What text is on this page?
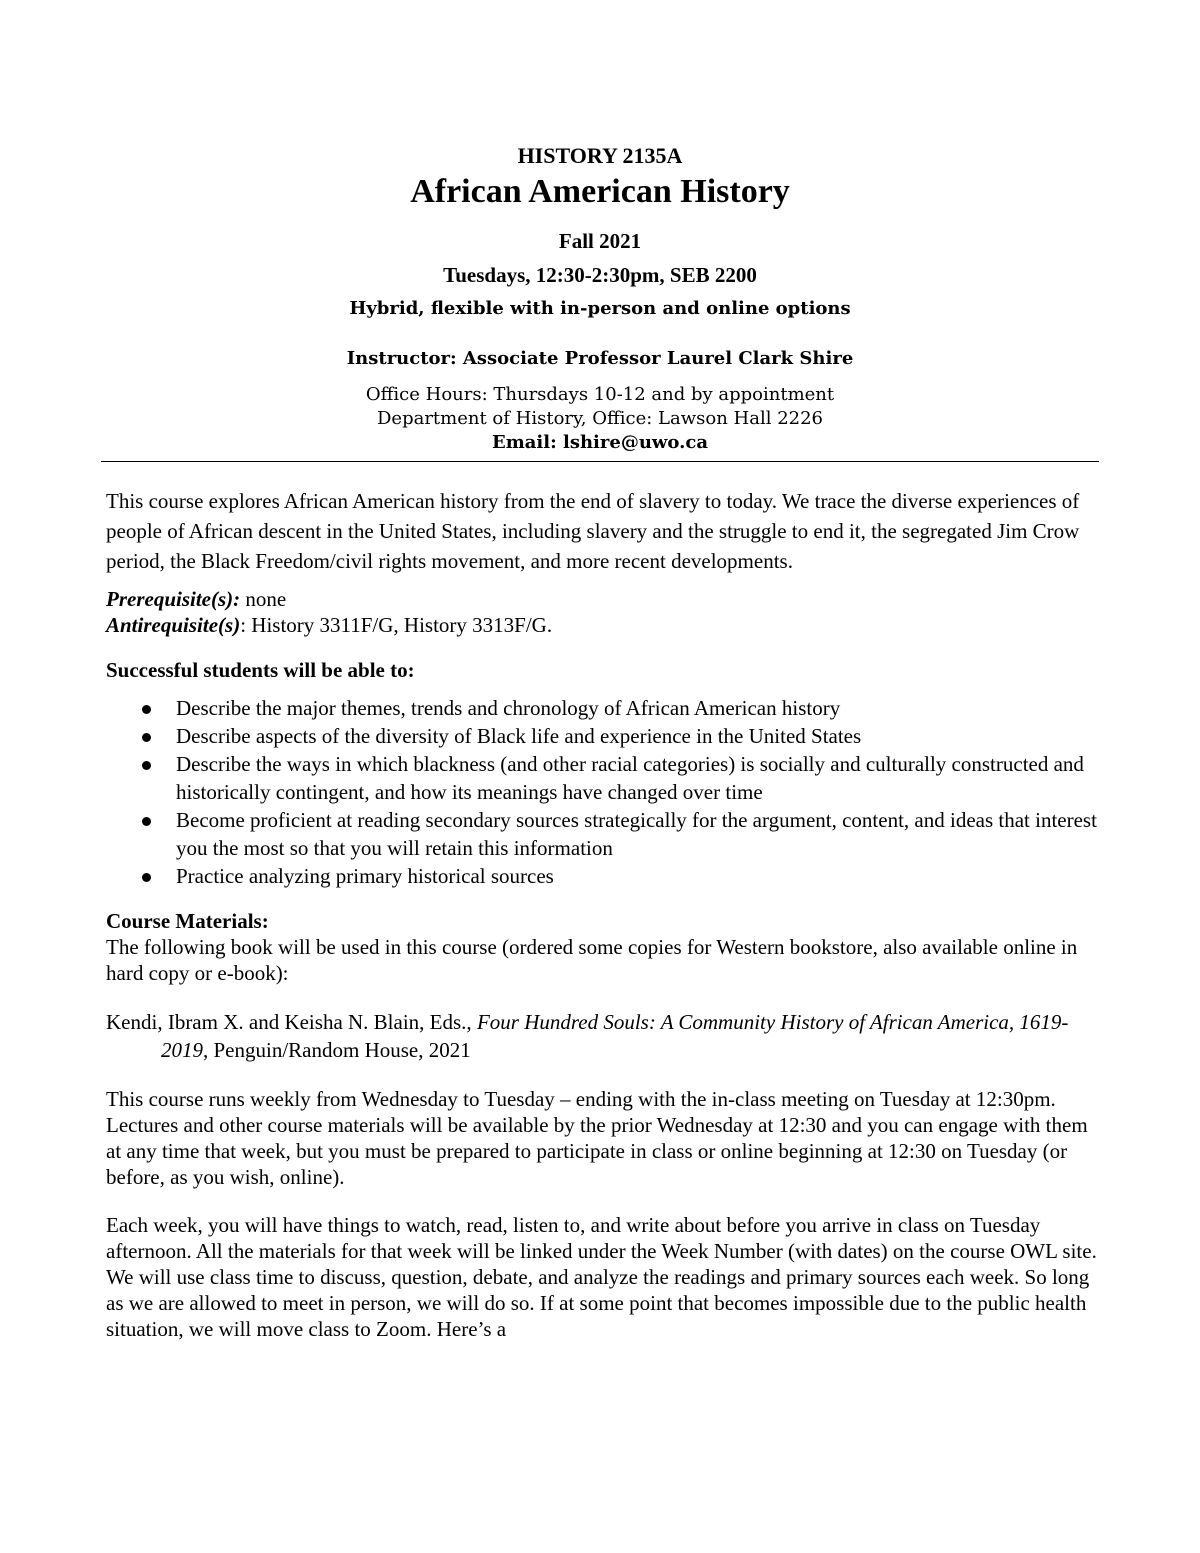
HISTORY 2135A
African American History
Fall 2021
Tuesdays, 12:30-2:30pm, SEB 2200
Hybrid, flexible with in-person and online options
Instructor: Associate Professor Laurel Clark Shire
Office Hours: Thursdays 10-12 and by appointment
Department of History, Office: Lawson Hall 2226
Email: lshire@uwo.ca

This course explores African American history from the end of slavery to today. We trace the diverse experiences of people of African descent in the United States, including slavery and the struggle to end it, the segregated Jim Crow period, the Black Freedom/civil rights movement, and more recent developments.

Prerequisite(s): none
Antirequisite(s): History 3311F/G, History 3313F/G.
Successful students will be able to:
Describe the major themes, trends and chronology of African American history
Describe aspects of the diversity of Black life and experience in the United States
Describe the ways in which blackness (and other racial categories) is socially and culturally constructed and historically contingent, and how its meanings have changed over time
Become proficient at reading secondary sources strategically for the argument, content, and ideas that interest you the most so that you will retain this information
Practice analyzing primary historical sources
Course Materials:
The following book will be used in this course (ordered some copies for Western bookstore, also available online in hard copy or e-book):
Kendi, Ibram X. and Keisha N. Blain, Eds., Four Hundred Souls: A Community History of African America, 1619-2019, Penguin/Random House, 2021

This course runs weekly from Wednesday to Tuesday – ending with the in-class meeting on Tuesday at 12:30pm. Lectures and other course materials will be available by the prior Wednesday at 12:30 and you can engage with them at any time that week, but you must be prepared to participate in class or online beginning at 12:30 on Tuesday (or before, as you wish, online).

Each week, you will have things to watch, read, listen to, and write about before you arrive in class on Tuesday afternoon. All the materials for that week will be linked under the Week Number (with dates) on the course OWL site. We will use class time to discuss, question, debate, and analyze the readings and primary sources each week. So long as we are allowed to meet in person, we will do so. If at some point that becomes impossible due to the public health situation, we will move class to Zoom. Here’s a
